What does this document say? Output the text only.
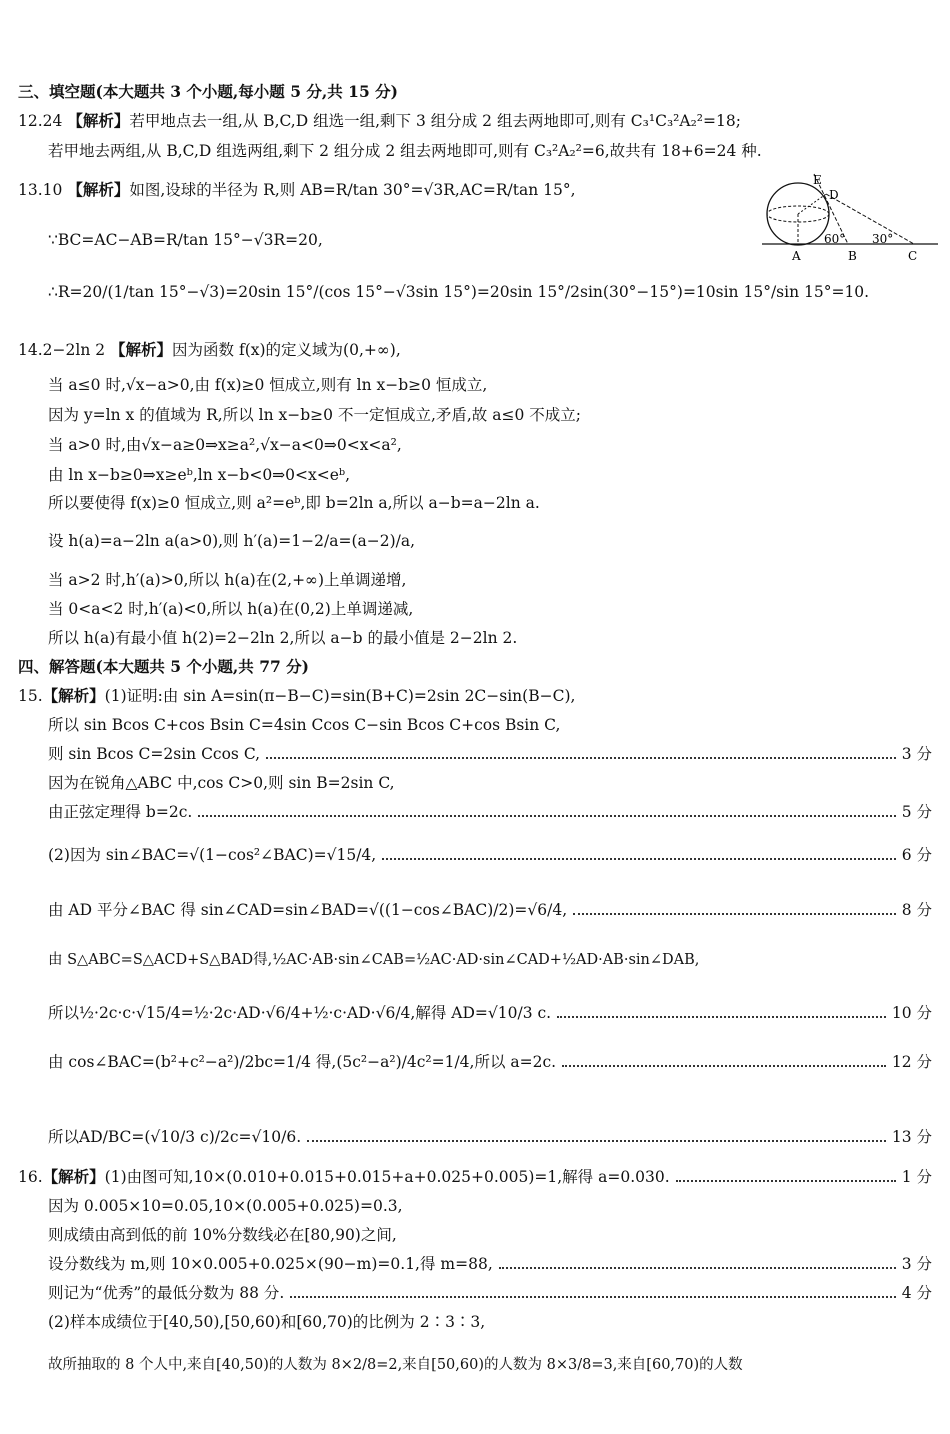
三、填空题(本大题共 3 个小题,每小题 5 分,共 15 分)
12.24 【解析】若甲地点去一组,从 B,C,D 组选一组,剩下 3 组分成 2 组去两地即可,则有 C₃¹C₃²A₂²=18;
若甲地去两组,从 B,C,D 组选两组,剩下 2 组分成 2 组去两地即可,则有 C₃²A₂²=6,故共有 18+6=24 种.
13.10 【解析】如图,设球的半径为 R,则 AB=R/tan 30°=√3R,AC=R/tan 15°,
∵BC=AC−AB=R/tan 15°−√3R=20,
∴R=20/(1/tan 15°−√3)=20sin 15°/(cos 15°−√3sin 15°)=20sin 15°/2sin(30°−15°)=10sin 15°/sin 15°=10.
E
D
60° 30°
A	B	C
14.2−2ln 2 【解析】因为函数 f(x)的定义域为(0,+∞),
当 a≤0 时,√x−a>0,由 f(x)≥0 恒成立,则有 ln x−b≥0 恒成立,
因为 y=ln x 的值域为 R,所以 ln x−b≥0 不一定恒成立,矛盾,故 a≤0 不成立;
当 a>0 时,由√x−a≥0⇒x≥a²,√x−a<0⇒0<x<a²,
由 ln x−b≥0⇒x≥eᵇ,ln x−b<0⇒0<x<eᵇ,
所以要使得 f(x)≥0 恒成立,则 a²=eᵇ,即 b=2ln a,所以 a−b=a−2ln a.
设 h(a)=a−2ln a(a>0),则 h′(a)=1−2/a=(a−2)/a,
当 a>2 时,h′(a)>0,所以 h(a)在(2,+∞)上单调递增,
当 0<a<2 时,h′(a)<0,所以 h(a)在(0,2)上单调递减,
所以 h(a)有最小值 h(2)=2−2ln 2,所以 a−b 的最小值是 2−2ln 2.
四、解答题(本大题共 5 个小题,共 77 分)
15.【解析】(1)证明:由 sin A=sin(π−B−C)=sin(B+C)=2sin 2C−sin(B−C),
所以 sin Bcos C+cos Bsin C=4sin Ccos C−sin Bcos C+cos Bsin C,
则 sin Bcos C=2sin Ccos C,	3 分
因为在锐角△ABC 中,cos C>0,则 sin B=2sin C,
由正弦定理得 b=2c.	5 分
(2)因为 sin∠BAC=√(1−cos²∠BAC)=√15/4,	6 分
由 AD 平分∠BAC 得 sin∠CAD=sin∠BAD=√((1−cos∠BAC)/2)=√6/4,	8 分
由 S△ABC=S△ACD+S△BAD得,½AC·AB·sin∠CAB=½AC·AD·sin∠CAD+½AD·AB·sin∠DAB,
所以½·2c·c·√15/4=½·2c·AD·√6/4+½·c·AD·√6/4,解得 AD=√10/3 c.	10 分
由 cos∠BAC=(b²+c²−a²)/2bc=1/4 得,(5c²−a²)/4c²=1/4,所以 a=2c.	12 分
所以AD/BC=(√10/3 c)/2c=√10/6.	13 分
16.【解析】(1)由图可知,10×(0.010+0.015+0.015+a+0.025+0.005)=1,解得 a=0.030.	1 分
因为 0.005×10=0.05,10×(0.005+0.025)=0.3,
则成绩由高到低的前 10%分数线必在[80,90)之间,
设分数线为 m,则 10×0.005+0.025×(90−m)=0.1,得 m=88,	3 分
则记为“优秀”的最低分数为 88 分.	4 分
(2)样本成绩位于[40,50),[50,60)和[60,70)的比例为 2∶3∶3,
故所抽取的 8 个人中,来自[40,50)的人数为 8×2/8=2,来自[50,60)的人数为 8×3/8=3,来自[60,70)的人数
